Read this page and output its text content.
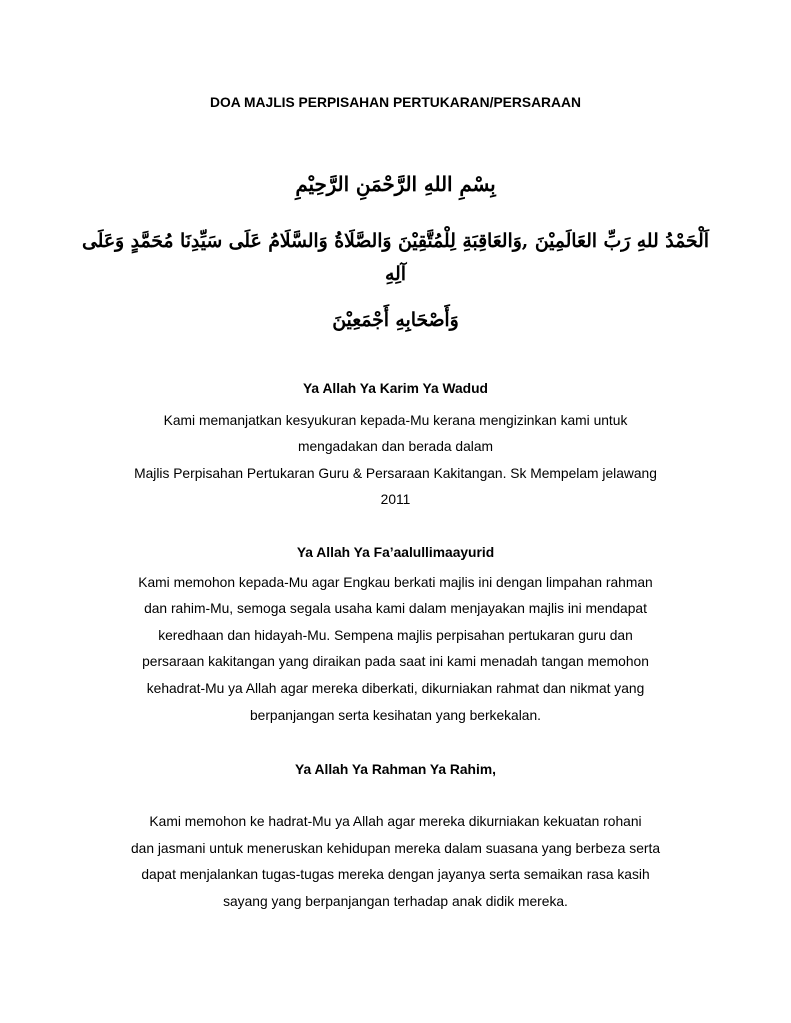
DOA MAJLIS PERPISAHAN PERTUKARAN/PERSARAAN
بِسْمِ اللهِ الرَّحْمَنِ الرَّحِيْمِ
اَلْحَمْدُ للهِ رَبِّ العَالَمِيْنَ ,وَالعَاقِبَةِ لِلْمُتَّقِيْنَ وَالصَّلَاةُ وَالسَّلَامُ عَلَى سَيِّدِنَا مُحَمَّدٍ وَعَلَى
آلِهِ
وَأَصْحَابِهِ أَجْمَعِيْنَ
Ya Allah Ya Karim Ya Wadud
Kami memanjatkan kesyukuran kepada-Mu kerana mengizinkan kami untuk
mengadakan dan berada dalam
Majlis Perpisahan Pertukaran Guru & Persaraan Kakitangan. Sk Mempelam jelawang
2011
Ya Allah Ya Fa’aalullimaayurid
Kami memohon kepada-Mu agar Engkau berkati majlis ini dengan limpahan rahman
dan rahim-Mu, semoga segala usaha kami dalam menjayakan majlis ini mendapat
keredhaan dan hidayah-Mu. Sempena majlis perpisahan pertukaran guru dan
persaraan kakitangan yang diraikan pada saat ini kami menadah tangan memohon
kehadrat-Mu ya Allah agar mereka diberkati, dikurniakan rahmat dan nikmat yang
berpanjangan serta kesihatan yang berkekalan.
Ya Allah Ya Rahman Ya Rahim,
Kami memohon ke hadrat-Mu ya Allah agar mereka dikurniakan kekuatan rohani
dan jasmani untuk meneruskan kehidupan mereka dalam suasana yang berbeza serta
dapat menjalankan tugas-tugas mereka dengan jayanya serta semaikan rasa kasih
sayang yang berpanjangan terhadap anak didik mereka.
